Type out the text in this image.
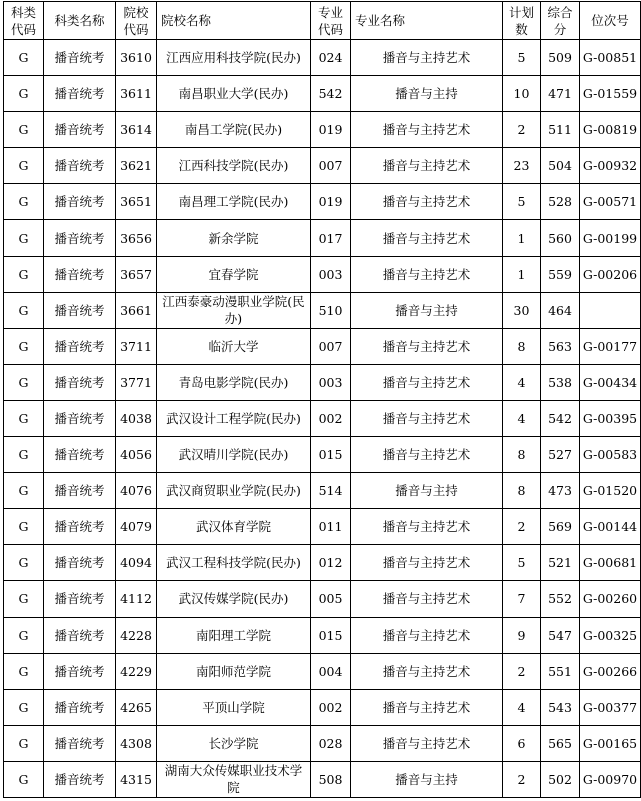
科类代码	科类名称	院校代码	院校名称	专业代码	专业名称	计划数	综合分	位次号
G	播音统考	3610	江西应用科技学院(民办)	024	播音与主持艺术	5	509	G-00851
G	播音统考	3611	南昌职业大学(民办)	542	播音与主持	10	471	G-01559
G	播音统考	3614	南昌工学院(民办)	019	播音与主持艺术	2	511	G-00819
G	播音统考	3621	江西科技学院(民办)	007	播音与主持艺术	23	504	G-00932
G	播音统考	3651	南昌理工学院(民办)	019	播音与主持艺术	5	528	G-00571
G	播音统考	3656	新余学院	017	播音与主持艺术	1	560	G-00199
G	播音统考	3657	宜春学院	003	播音与主持艺术	1	559	G-00206
G	播音统考	3661	江西泰豪动漫职业学院(民办)	510	播音与主持	30	464	
G	播音统考	3711	临沂大学	007	播音与主持艺术	8	563	G-00177
G	播音统考	3771	青岛电影学院(民办)	003	播音与主持艺术	4	538	G-00434
G	播音统考	4038	武汉设计工程学院(民办)	002	播音与主持艺术	4	542	G-00395
G	播音统考	4056	武汉晴川学院(民办)	015	播音与主持艺术	8	527	G-00583
G	播音统考	4076	武汉商贸职业学院(民办)	514	播音与主持	8	473	G-01520
G	播音统考	4079	武汉体育学院	011	播音与主持艺术	2	569	G-00144
G	播音统考	4094	武汉工程科技学院(民办)	012	播音与主持艺术	5	521	G-00681
G	播音统考	4112	武汉传媒学院(民办)	005	播音与主持艺术	7	552	G-00260
G	播音统考	4228	南阳理工学院	015	播音与主持艺术	9	547	G-00325
G	播音统考	4229	南阳师范学院	004	播音与主持艺术	2	551	G-00266
G	播音统考	4265	平顶山学院	002	播音与主持艺术	4	543	G-00377
G	播音统考	4308	长沙学院	028	播音与主持艺术	6	565	G-00165
G	播音统考	4315	湖南大众传媒职业技术学院	508	播音与主持	2	502	G-00970
